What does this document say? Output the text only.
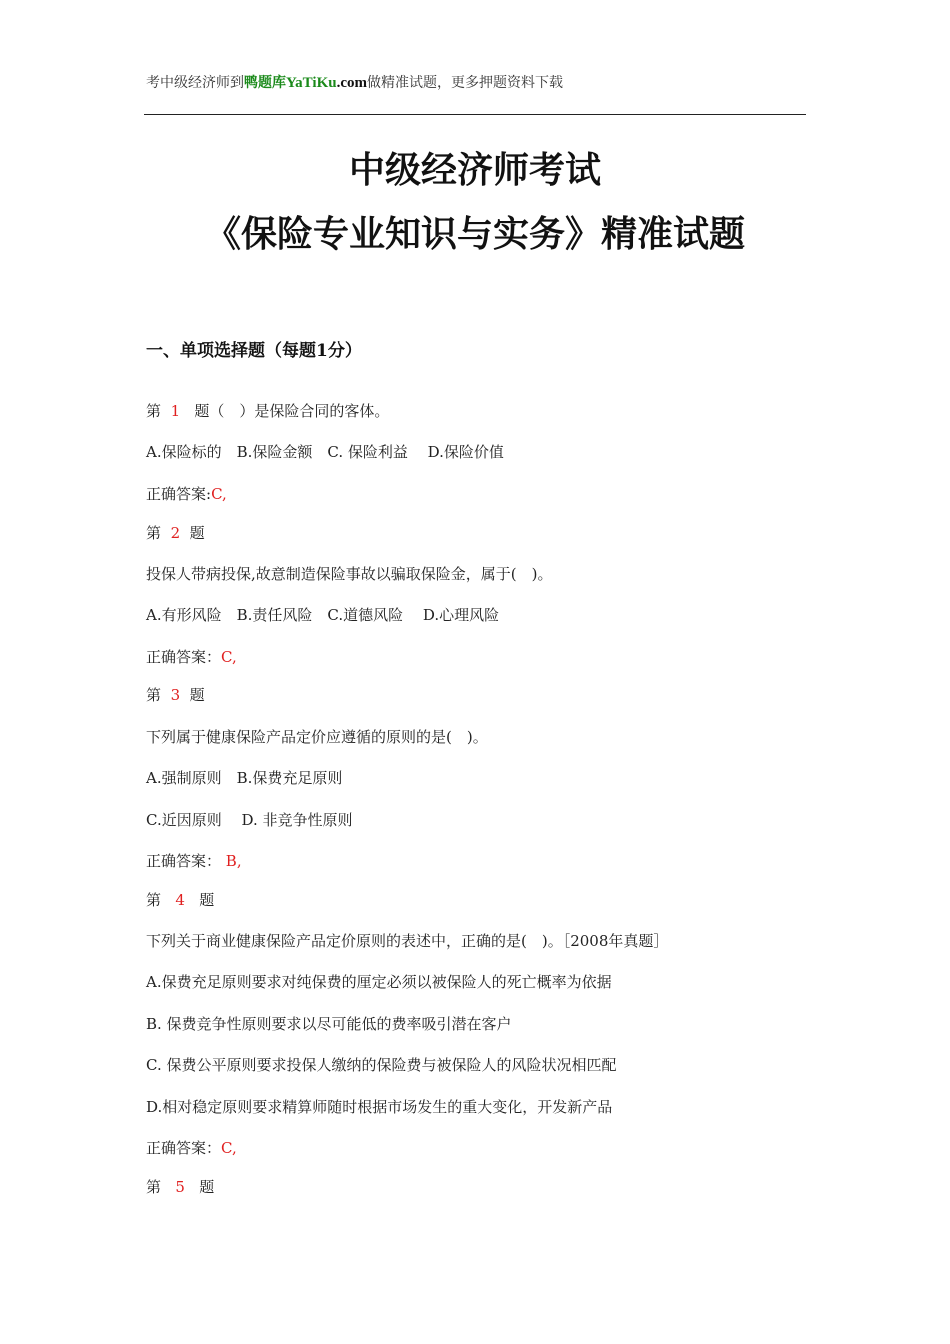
考中级经济师到鸭题库YaTiKu.com做精准试题，更多押题资料下载
中级经济师考试
《保险专业知识与实务》精准试题
一、单项选择题（每题1分）
第 1 题（　）是保险合同的客体。
A.保险标的　B.保险金额　C. 保险利益　 D.保险价值
正确答案:C,
第 2 题
投保人带病投保,故意制造保险事故以骗取保险金，属于(　)。
A.有形风险　B.责任风险　C.道德风险　 D.心理风险
正确答案：C,
第 3 题
下列属于健康保险产品定价应遵循的原则的是(　)。
A.强制原则　B.保费充足原则
C.近因原则　 D. 非竞争性原则
正确答案： B,
第 4 题
下列关于商业健康保险产品定价原则的表述中，正确的是(　)。［2008年真题］
A.保费充足原则要求对纯保费的厘定必须以被保险人的死亡概率为依据
B. 保费竞争性原则要求以尽可能低的费率吸引潜在客户
C. 保费公平原则要求投保人缴纳的保险费与被保险人的风险状况相匹配
D.相对稳定原则要求精算师随时根据市场发生的重大变化，开发新产品
正确答案：C,
第 5 题
